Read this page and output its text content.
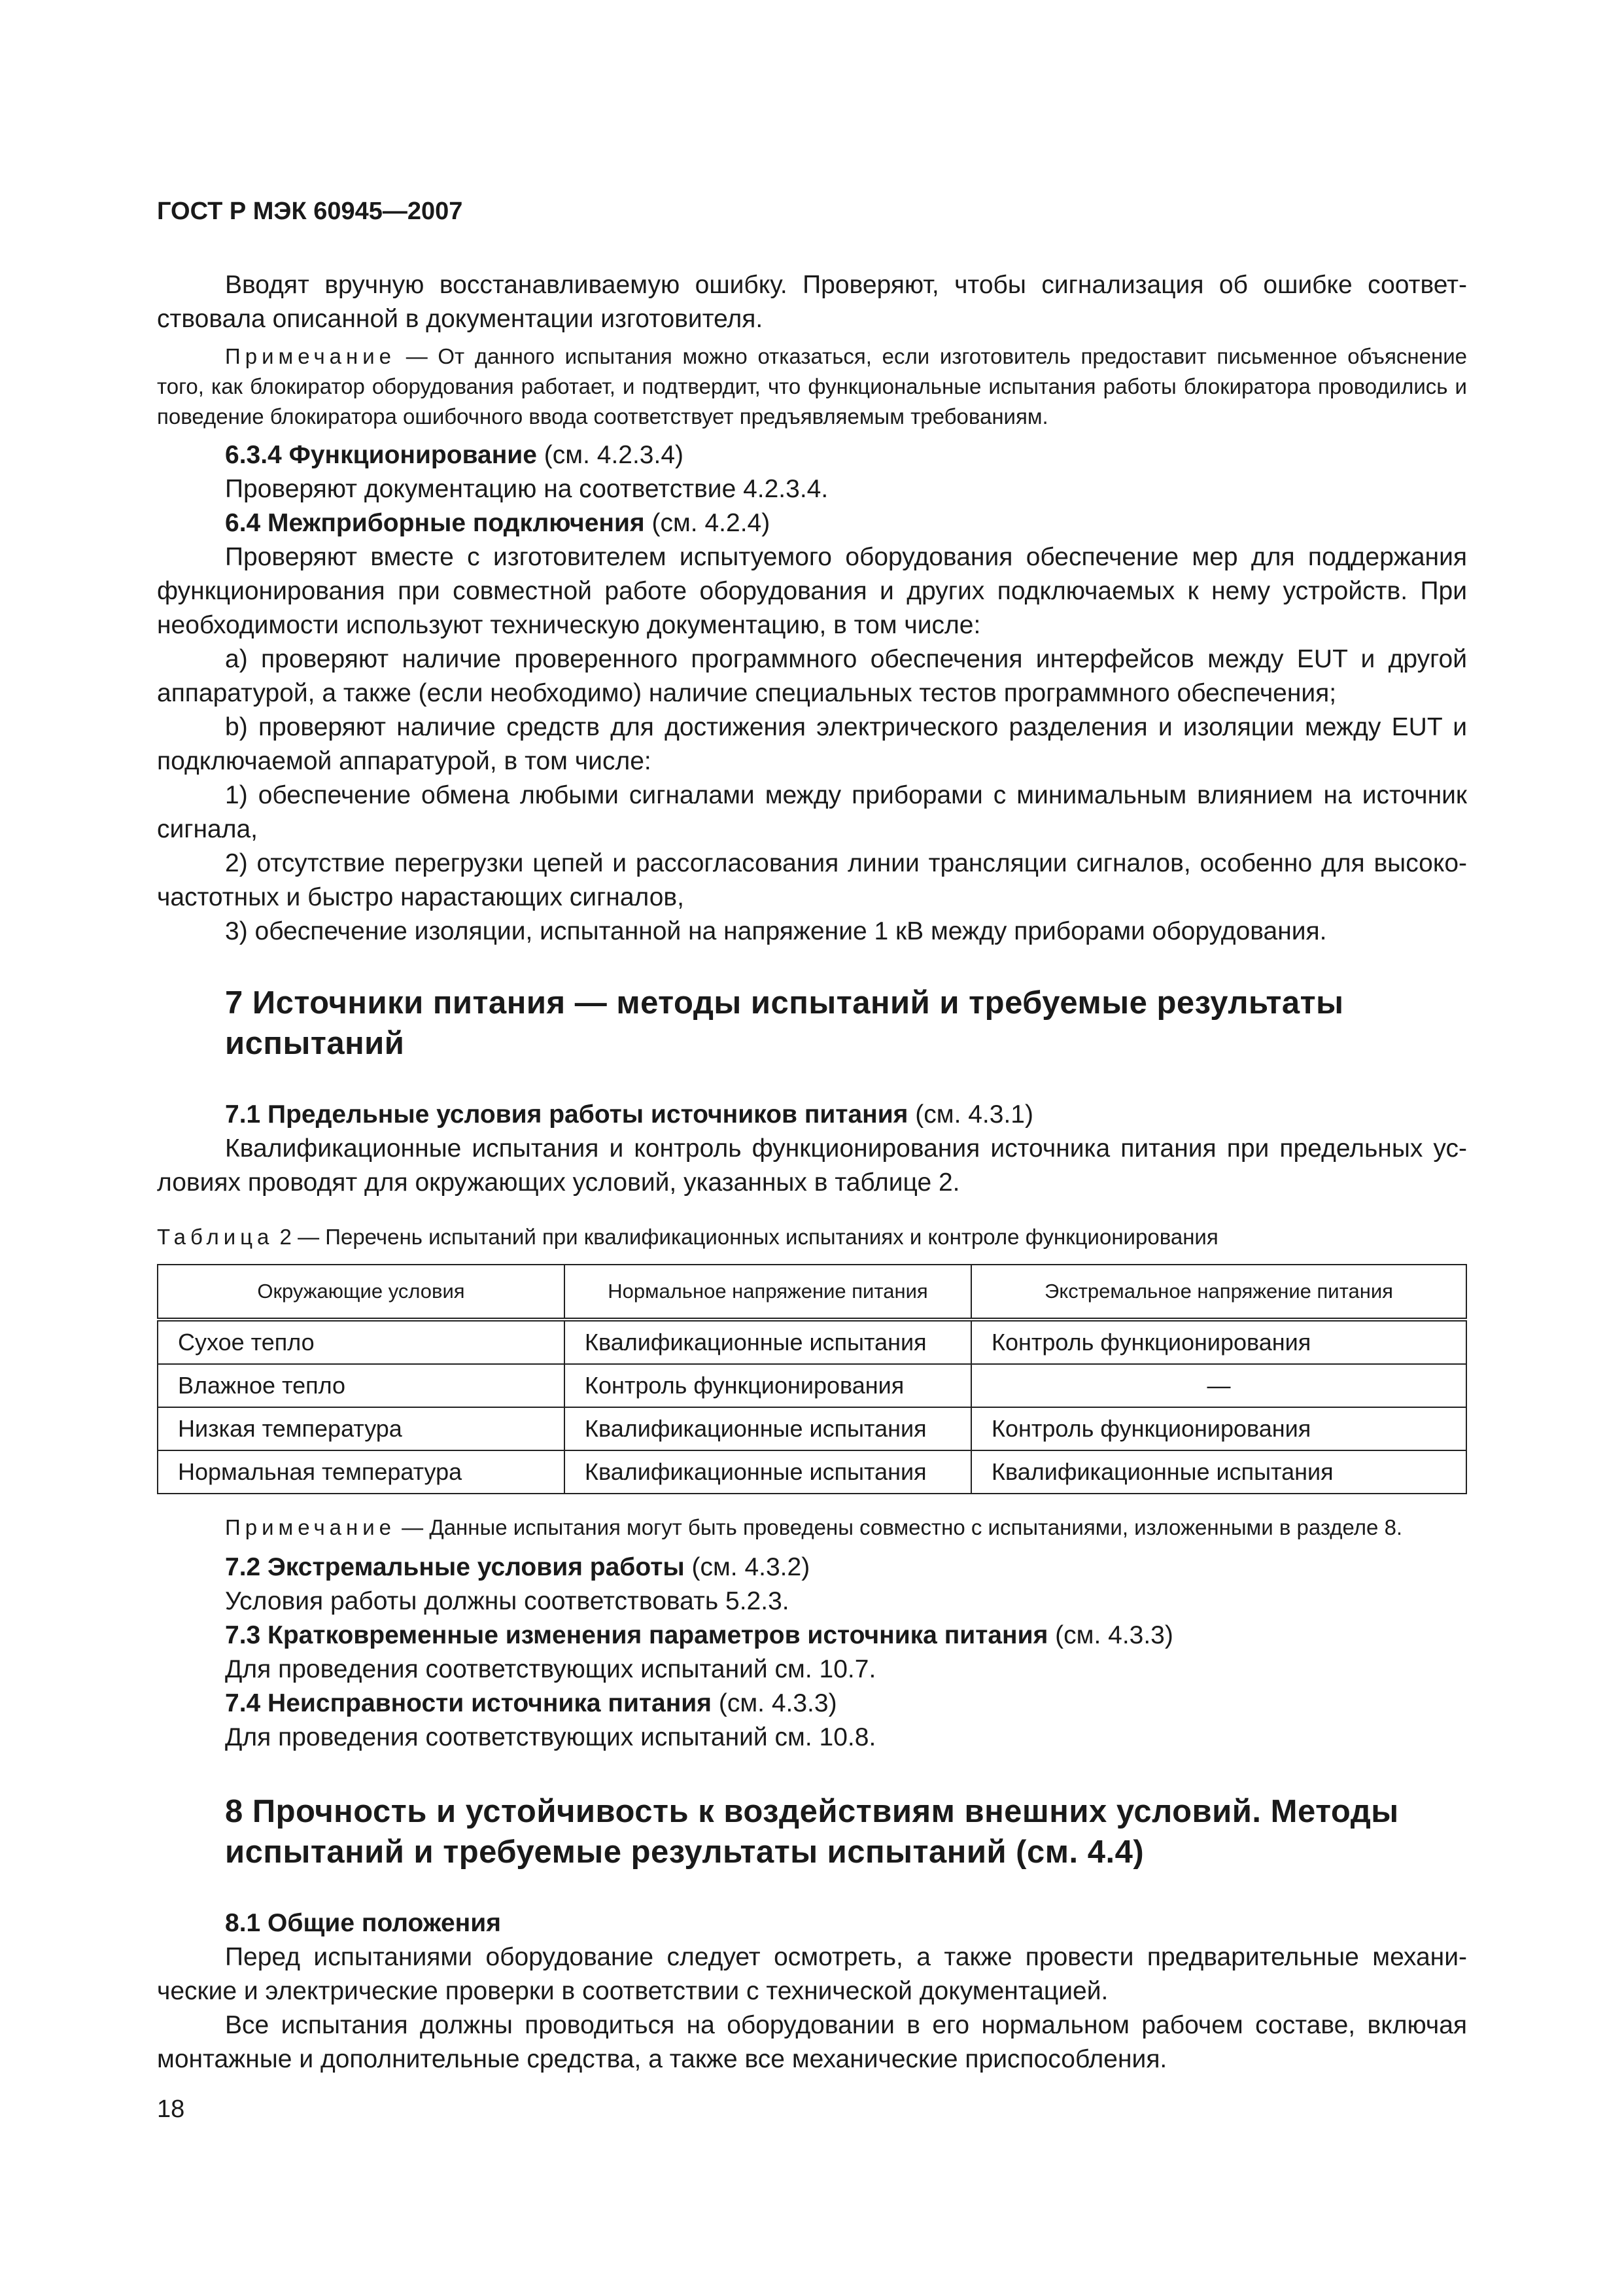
ГОСТ Р МЭК 60945—2007

Вводят вручную восстанавливаемую ошибку. Проверяют, чтобы сигнализация об ошибке соответ-ствовала описанной в документации изготовителя.

Примечание — От данного испытания можно отказаться, если изготовитель предоставит письменное объяснение того, как блокиратор оборудования работает, и подтвердит, что функциональные испытания работы блокиратора проводились и поведение блокиратора ошибочного ввода соответствует предъявляемым требованиям.

6.3.4 Функционирование (см. 4.2.3.4)

Проверяют документацию на соответствие 4.2.3.4.

6.4 Межприборные подключения (см. 4.2.4)

Проверяют вместе с изготовителем испытуемого оборудования обеспечение мер для поддержания функционирования при совместной работе оборудования и других подключаемых к нему устройств. При необходимости используют техническую документацию, в том числе:

a) проверяют наличие проверенного программного обеспечения интерфейсов между EUT и другой аппаратурой, а также (если необходимо) наличие специальных тестов программного обеспечения;

b) проверяют наличие средств для достижения электрического разделения и изоляции между EUT и подключаемой аппаратурой, в том числе:

1) обеспечение обмена любыми сигналами между приборами с минимальным влиянием на источник сигнала,

2) отсутствие перегрузки цепей и рассогласования линии трансляции сигналов, особенно для высоко-частотных и быстро нарастающих сигналов,

3) обеспечение изоляции, испытанной на напряжение 1 кВ между приборами оборудования.

7 Источники питания — методы испытаний и требуемые результаты испытаний

7.1 Предельные условия работы источников питания (см. 4.3.1)

Квалификационные испытания и контроль функционирования источника питания при предельных ус-ловиях проводят для окружающих условий, указанных в таблице 2.

Таблица 2 — Перечень испытаний при квалификационных испытаниях и контроле функционирования

Окружающие условия	Нормальное напряжение питания	Экстремальное напряжение питания
Сухое тепло	Квалификационные испытания	Контроль функционирования
Влажное тепло	Контроль функционирования	—
Низкая температура	Квалификационные испытания	Контроль функционирования
Нормальная температура	Квалификационные испытания	Квалификационные испытания

Примечание — Данные испытания могут быть проведены совместно с испытаниями, изложенными в разделе 8.

7.2 Экстремальные условия работы (см. 4.3.2)

Условия работы должны соответствовать 5.2.3.

7.3 Кратковременные изменения параметров источника питания (см. 4.3.3)

Для проведения соответствующих испытаний см. 10.7.

7.4 Неисправности источника питания (см. 4.3.3)

Для проведения соответствующих испытаний см. 10.8.

8 Прочность и устойчивость к воздействиям внешних условий. Методы испытаний и требуемые результаты испытаний (см. 4.4)

8.1 Общие положения

Перед испытаниями оборудование следует осмотреть, а также провести предварительные механи-ческие и электрические проверки в соответствии с технической документацией.

Все испытания должны проводиться на оборудовании в его нормальном рабочем составе, включая монтажные и дополнительные средства, а также все механические приспособления.

18
